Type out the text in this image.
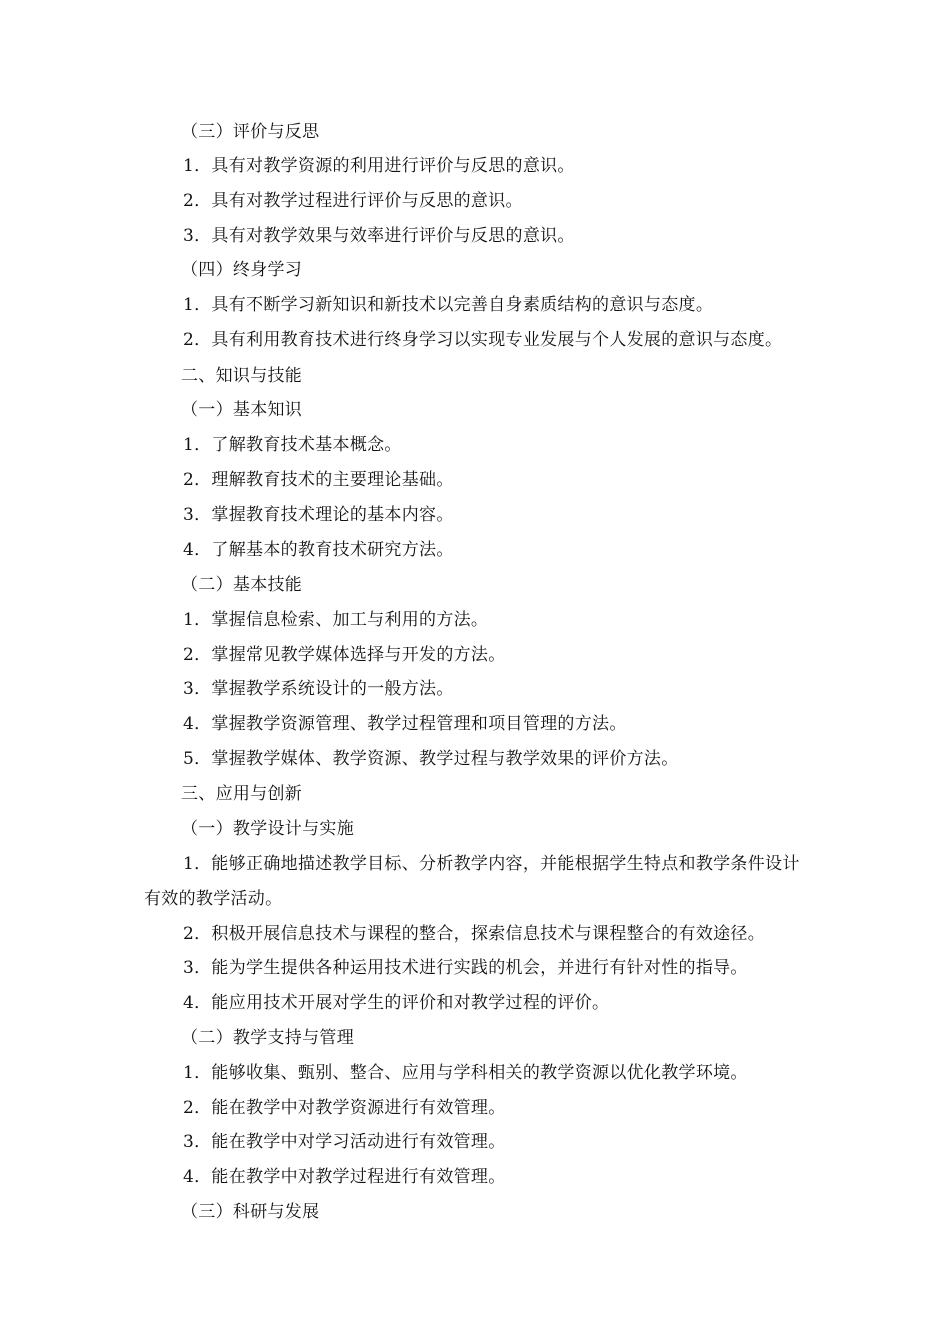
（三）评价与反思
1．具有对教学资源的利用进行评价与反思的意识。
2．具有对教学过程进行评价与反思的意识。
3．具有对教学效果与效率进行评价与反思的意识。
（四）终身学习
1．具有不断学习新知识和新技术以完善自身素质结构的意识与态度。
2．具有利用教育技术进行终身学习以实现专业发展与个人发展的意识与态度。
二、知识与技能
（一）基本知识
1．了解教育技术基本概念。
2．理解教育技术的主要理论基础。
3．掌握教育技术理论的基本内容。
4．了解基本的教育技术研究方法。
（二）基本技能
1．掌握信息检索、加工与利用的方法。
2．掌握常见教学媒体选择与开发的方法。
3．掌握教学系统设计的一般方法。
4．掌握教学资源管理、教学过程管理和项目管理的方法。
5．掌握教学媒体、教学资源、教学过程与教学效果的评价方法。
三、应用与创新
（一）教学设计与实施
1．能够正确地描述教学目标、分析教学内容，并能根据学生特点和教学条件设计有效的教学活动。
2．积极开展信息技术与课程的整合，探索信息技术与课程整合的有效途径。
3．能为学生提供各种运用技术进行实践的机会，并进行有针对性的指导。
4．能应用技术开展对学生的评价和对教学过程的评价。
（二）教学支持与管理
1．能够收集、甄别、整合、应用与学科相关的教学资源以优化教学环境。
2．能在教学中对教学资源进行有效管理。
3．能在教学中对学习活动进行有效管理。
4．能在教学中对教学过程进行有效管理。
（三）科研与发展
